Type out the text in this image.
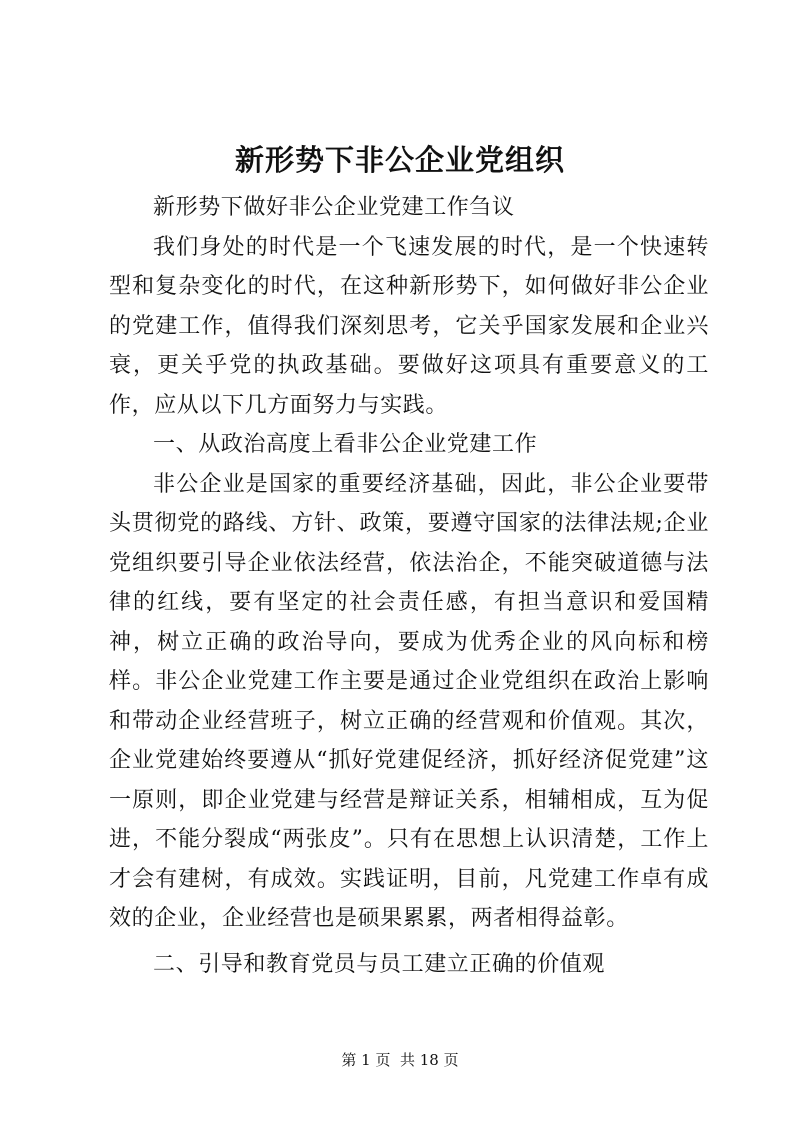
新形势下非公企业党组织

新形势下做好非公企业党建工作刍议

我们身处的时代是一个飞速发展的时代，是一个快速转型和复杂变化的时代，在这种新形势下，如何做好非公企业的党建工作，值得我们深刻思考，它关乎国家发展和企业兴衰，更关乎党的执政基础。要做好这项具有重要意义的工作，应从以下几方面努力与实践。

一、从政治高度上看非公企业党建工作

非公企业是国家的重要经济基础，因此，非公企业要带头贯彻党的路线、方针、政策，要遵守国家的法律法规;企业党组织要引导企业依法经营，依法治企，不能突破道德与法律的红线，要有坚定的社会责任感，有担当意识和爱国精神，树立正确的政治导向，要成为优秀企业的风向标和榜样。非公企业党建工作主要是通过企业党组织在政治上影响和带动企业经营班子，树立正确的经营观和价值观。其次，企业党建始终要遵从“抓好党建促经济，抓好经济促党建”这一原则，即企业党建与经营是辩证关系，相辅相成，互为促进，不能分裂成“两张皮”。只有在思想上认识清楚，工作上才会有建树，有成效。实践证明，目前，凡党建工作卓有成效的企业，企业经营也是硕果累累，两者相得益彰。

二、引导和教育党员与员工建立正确的价值观

第 1 页  共 18 页
